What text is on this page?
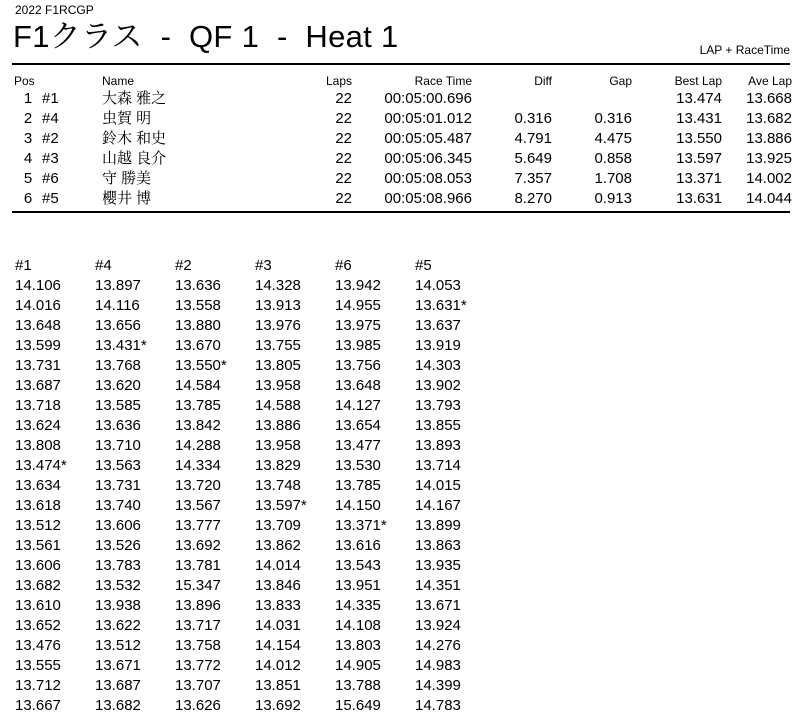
2022 F1RCGP
F1クラス  -  QF 1  -  Heat 1	LAP + RaceTime
Pos		Name	Laps	Race Time	Diff	Gap	Best Lap	Ave Lap
1	#1	大森 雅之	22	00:05:00.696			13.474	13.668
2	#4	虫賀 明	22	00:05:01.012	0.316	0.316	13.431	13.682
3	#2	鈴木 和史	22	00:05:05.487	4.791	4.475	13.550	13.886
4	#3	山越 良介	22	00:05:06.345	5.649	0.858	13.597	13.925
5	#6	守 勝美	22	00:05:08.053	7.357	1.708	13.371	14.002
6	#5	櫻井 博	22	00:05:08.966	8.270	0.913	13.631	14.044
#1	#4	#2	#3	#6	#5
14.106	13.897	13.636	14.328	13.942	14.053
14.016	14.116	13.558	13.913	14.955	13.631*
13.648	13.656	13.880	13.976	13.975	13.637
13.599	13.431*	13.670	13.755	13.985	13.919
13.731	13.768	13.550*	13.805	13.756	14.303
13.687	13.620	14.584	13.958	13.648	13.902
13.718	13.585	13.785	14.588	14.127	13.793
13.624	13.636	13.842	13.886	13.654	13.855
13.808	13.710	14.288	13.958	13.477	13.893
13.474*	13.563	14.334	13.829	13.530	13.714
13.634	13.731	13.720	13.748	13.785	14.015
13.618	13.740	13.567	13.597*	14.150	14.167
13.512	13.606	13.777	13.709	13.371*	13.899
13.561	13.526	13.692	13.862	13.616	13.863
13.606	13.783	13.781	14.014	13.543	13.935
13.682	13.532	15.347	13.846	13.951	14.351
13.610	13.938	13.896	13.833	14.335	13.671
13.652	13.622	13.717	14.031	14.108	13.924
13.476	13.512	13.758	14.154	13.803	14.276
13.555	13.671	13.772	14.012	14.905	14.983
13.712	13.687	13.707	13.851	13.788	14.399
13.667	13.682	13.626	13.692	15.649	14.783
